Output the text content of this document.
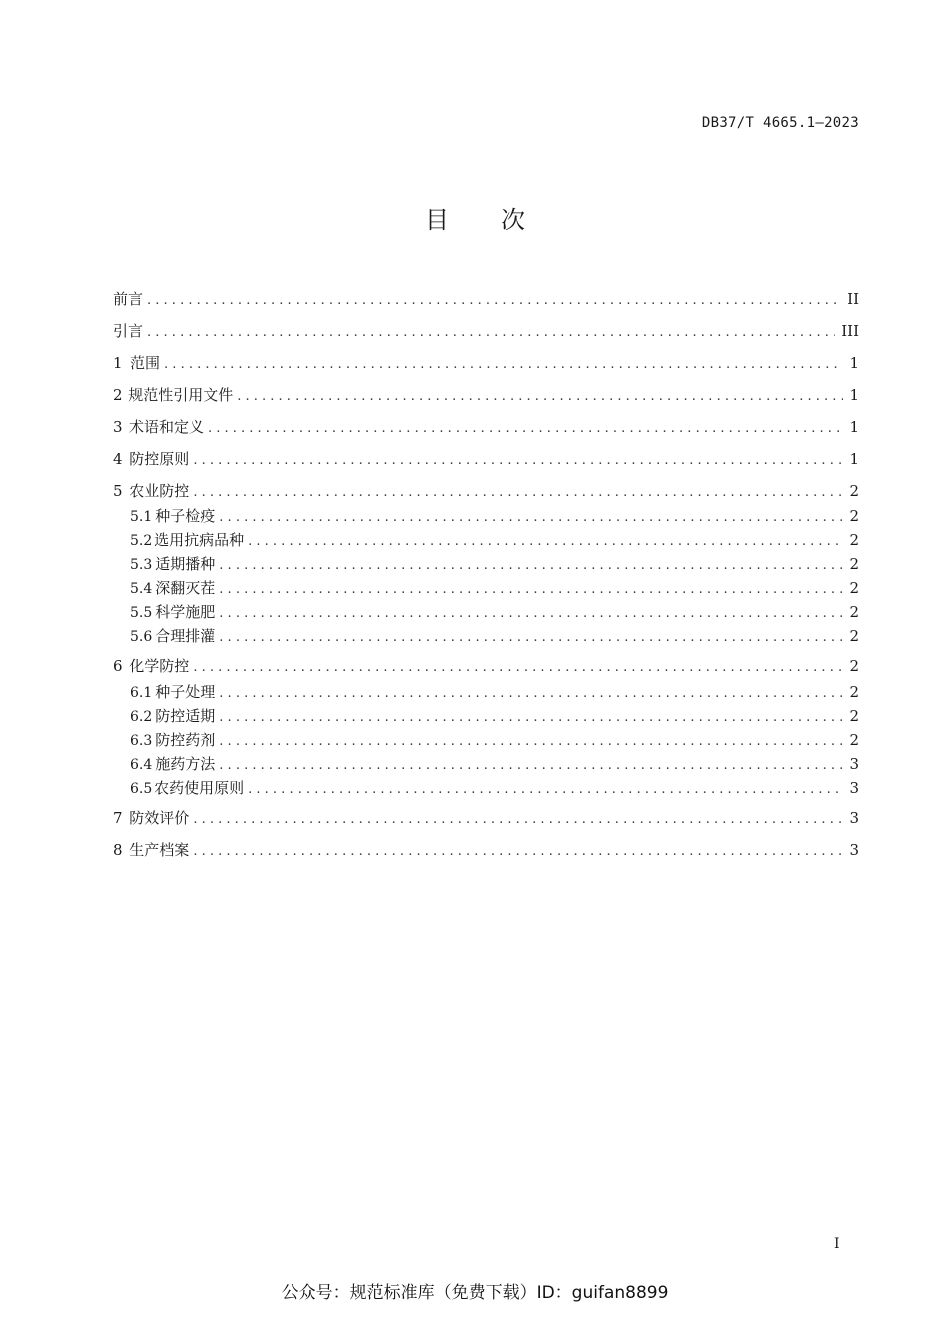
DB37/T 4665.1—2023
目 次
前言 . . .	II
引言 . . .	III
1 范围 . . .	1
2 规范性引用文件 . . .	1
3 术语和定义 . . .	1
4 防控原则 . . .	1
5 农业防控 . . .	2
5.1 种子检疫 . . .	2
5.2 选用抗病品种 . . .	2
5.3 适期播种 . . .	2
5.4 深翻灭茬 . . .	2
5.5 科学施肥 . . .	2
5.6 合理排灌 . . .	2
6 化学防控 . . .	2
6.1 种子处理 . . .	2
6.2 防控适期 . . .	2
6.3 防控药剂 . . .	2
6.4 施药方法 . . .	3
6.5 农药使用原则 . . .	3
7 防效评价 . . .	3
8 生产档案 . . .	3
I
公众号：规范标准库（免费下载）ID：guifan8899
